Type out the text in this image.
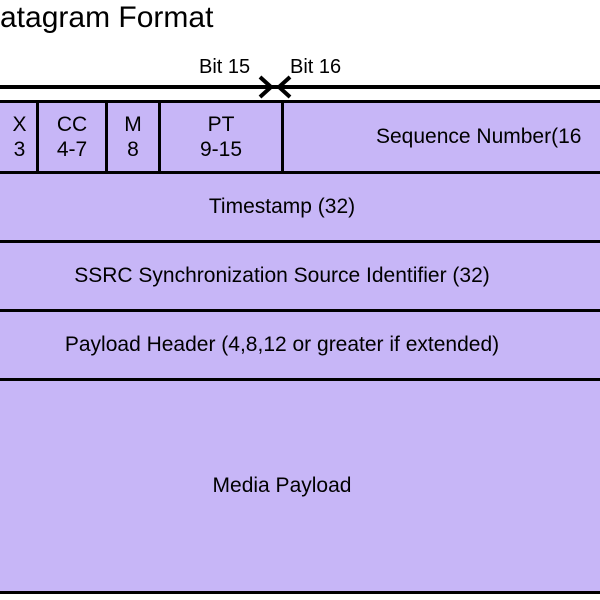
atagram Format
Bit 15 Bit 16
X
3
CC
4-7
M
8
PT
9-15
Sequence Number(16
Timestamp (32)
SSRC Synchronization Source Identifier (32)
Payload Header (4,8,12 or greater if extended)
Media Payload
